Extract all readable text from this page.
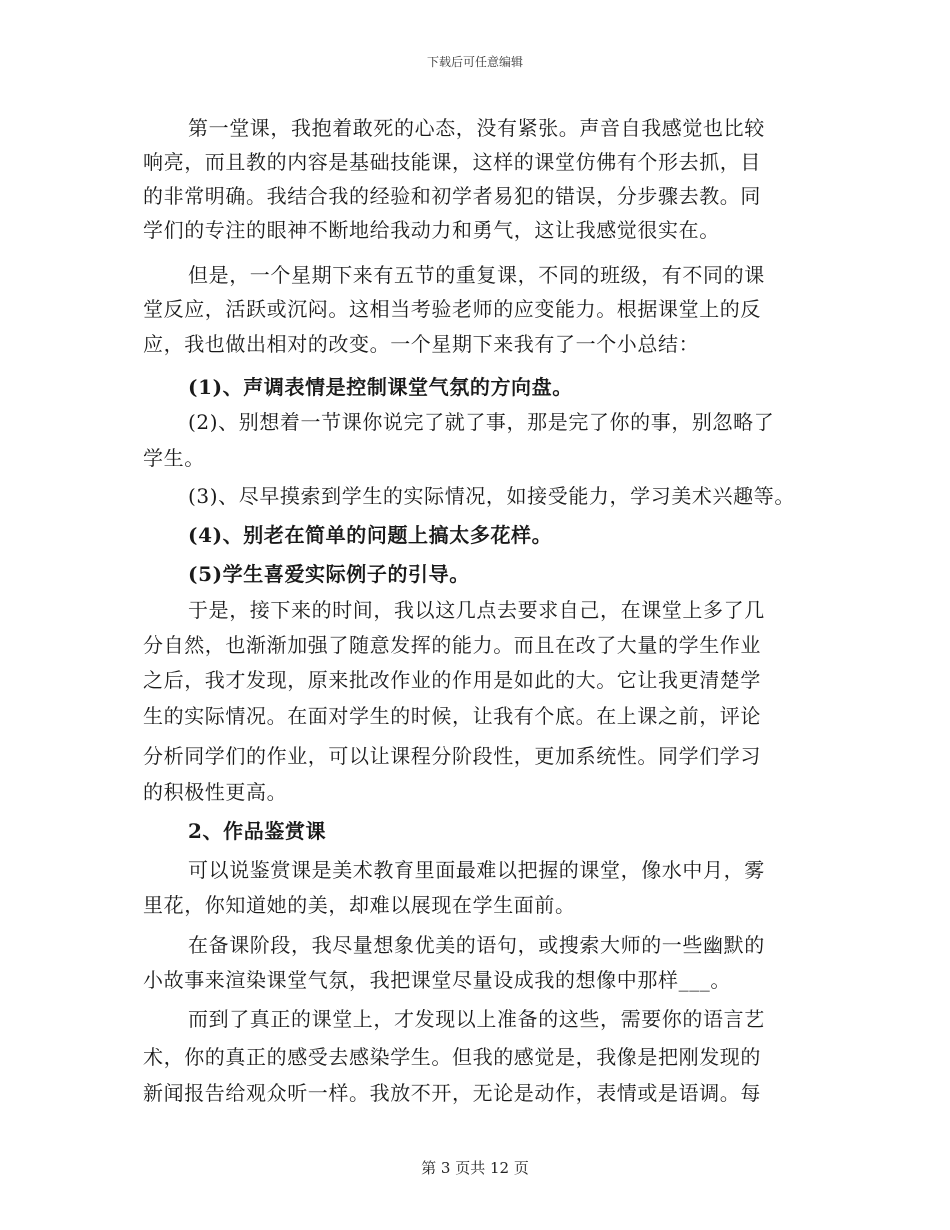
下载后可任意编辑
第一堂课，我抱着敢死的心态，没有紧张。声音自我感觉也比较
响亮，而且教的内容是基础技能课，这样的课堂仿佛有个形去抓，目
的非常明确。我结合我的经验和初学者易犯的错误，分步骤去教。同
学们的专注的眼神不断地给我动力和勇气，这让我感觉很实在。
但是，一个星期下来有五节的重复课，不同的班级，有不同的课
堂反应，活跃或沉闷。这相当考验老师的应变能力。根据课堂上的反
应，我也做出相对的改变。一个星期下来我有了一个小总结：
(1)、声调表情是控制课堂气氛的方向盘。
(2)、别想着一节课你说完了就了事，那是完了你的事，别忽略了
学生。
(3)、尽早摸索到学生的实际情况，如接受能力，学习美术兴趣等。
(4)、别老在简单的问题上搞太多花样。
(5)学生喜爱实际例子的引导。
于是，接下来的时间，我以这几点去要求自己，在课堂上多了几
分自然，也渐渐加强了随意发挥的能力。而且在改了大量的学生作业
之后，我才发现，原来批改作业的作用是如此的大。它让我更清楚学
生的实际情况。在面对学生的时候，让我有个底。在上课之前，评论
分析同学们的作业，可以让课程分阶段性，更加系统性。同学们学习
的积极性更高。
2、作品鉴赏课
可以说鉴赏课是美术教育里面最难以把握的课堂，像水中月，雾
里花，你知道她的美，却难以展现在学生面前。
在备课阶段，我尽量想象优美的语句，或搜索大师的一些幽默的
小故事来渲染课堂气氛，我把课堂尽量设成我的想像中那样___。
而到了真正的课堂上，才发现以上准备的这些，需要你的语言艺
术，你的真正的感受去感染学生。但我的感觉是，我像是把刚发现的
新闻报告给观众听一样。我放不开，无论是动作，表情或是语调。每
第 3 页共 12 页
